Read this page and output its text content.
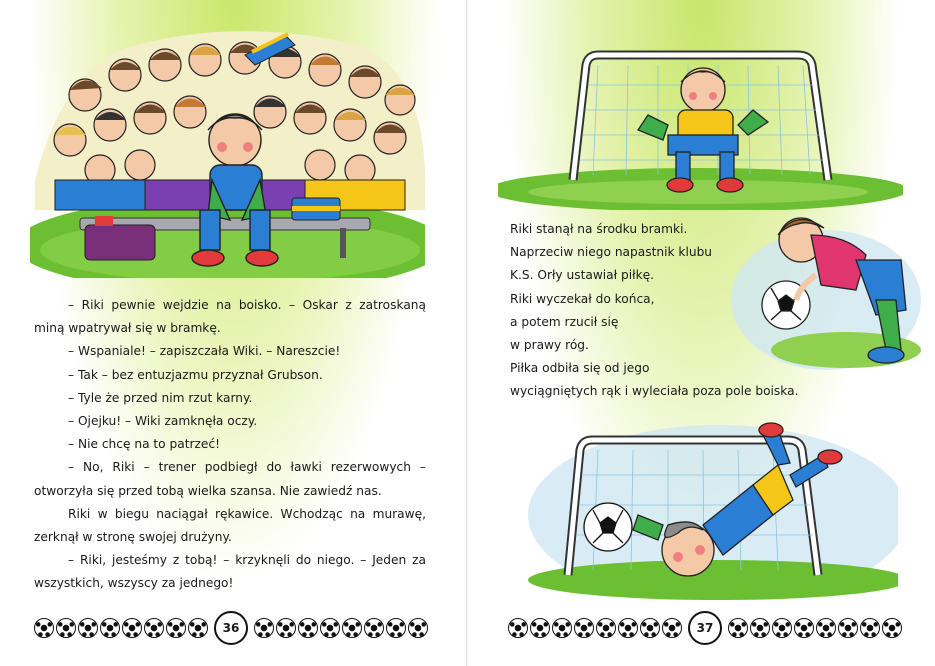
– Riki pewnie wejdzie na boisko. – Oskar z zatroskaną miną wpatrywał się w bramkę.

– Wspaniale! – zapiszczała Wiki. – Nareszcie!

– Tak – bez entuzjazmu przyznał Grubson.

– Tyle że przed nim rzut karny.

– Ojejku! – Wiki zamknęła oczy.

– Nie chcę na to patrzeć!

– No, Riki – trener podbiegł do ławki rezerwowych – otworzyła się przed tobą wielka szansa. Nie zawiedź nas.

Riki w biegu naciągał rękawice. Wchodząc na murawę, zerknął w stronę swojej drużyny.

– Riki, jesteśmy z tobą! – krzyknęli do niego. – Jeden za wszystkich, wszyscy za jednego!

36

Riki stanął na środku bramki.

Naprzeciw niego napastnik klubu

K.S. Orły ustawiał piłkę.

Riki wyczekał do końca,

a potem rzucił się

w prawy róg.

Piłka odbiła się od jego

wyciągniętych rąk i wyleciała poza pole boiska.

37
